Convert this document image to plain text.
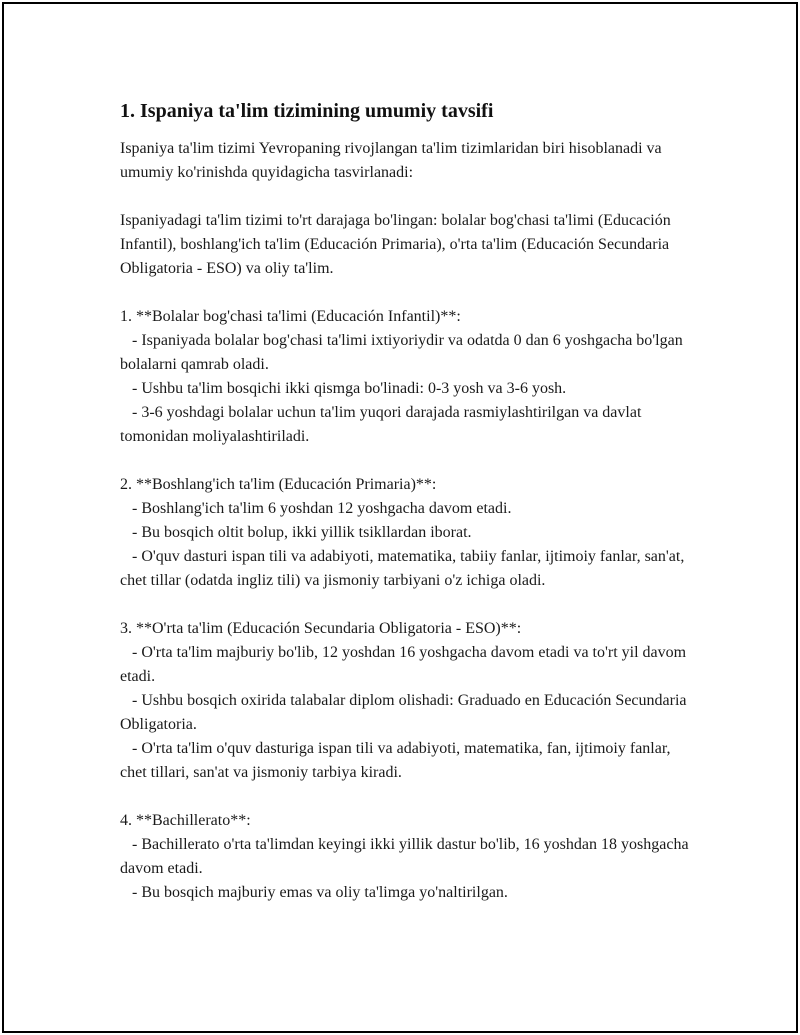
1. Ispaniya ta'lim tizimining umumiy tavsifi

Ispaniya ta'lim tizimi Yevropaning rivojlangan ta'lim tizimlaridan biri hisoblanadi va umumiy ko'rinishda quyidagicha tasvirlanadi:

Ispaniyadagi ta'lim tizimi to'rt darajaga bo'lingan: bolalar bog'chasi ta'limi (Educación Infantil), boshlang'ich ta'lim (Educación Primaria), o'rta ta'lim (Educación Secundaria Obligatoria - ESO) va oliy ta'lim.

1. **Bolalar bog'chasi ta'limi (Educación Infantil)**:

- Ispaniyada bolalar bog'chasi ta'limi ixtiyoriydir va odatda 0 dan 6 yoshgacha bo'lgan bolalarni qamrab oladi.

- Ushbu ta'lim bosqichi ikki qismga bo'linadi: 0-3 yosh va 3-6 yosh.

- 3-6 yoshdagi bolalar uchun ta'lim yuqori darajada rasmiylashtirilgan va davlat tomonidan moliyalashtiriladi.

2. **Boshlang'ich ta'lim (Educación Primaria)**:

- Boshlang'ich ta'lim 6 yoshdan 12 yoshgacha davom etadi.

- Bu bosqich oltit bolup, ikki yillik tsikllardan iborat.

- O'quv dasturi ispan tili va adabiyoti, matematika, tabiiy fanlar, ijtimoiy fanlar, san'at, chet tillar (odatda ingliz tili) va jismoniy tarbiyani o'z ichiga oladi.

3. **O'rta ta'lim (Educación Secundaria Obligatoria - ESO)**:

- O'rta ta'lim majburiy bo'lib, 12 yoshdan 16 yoshgacha davom etadi va to'rt yil davom etadi.

- Ushbu bosqich oxirida talabalar diplom olishadi: Graduado en Educación Secundaria Obligatoria.

- O'rta ta'lim o'quv dasturiga ispan tili va adabiyoti, matematika, fan, ijtimoiy fanlar, chet tillari, san'at va jismoniy tarbiya kiradi.

4. **Bachillerato**:

- Bachillerato o'rta ta'limdan keyingi ikki yillik dastur bo'lib, 16 yoshdan 18 yoshgacha davom etadi.

- Bu bosqich majburiy emas va oliy ta'limga yo'naltirilgan.
